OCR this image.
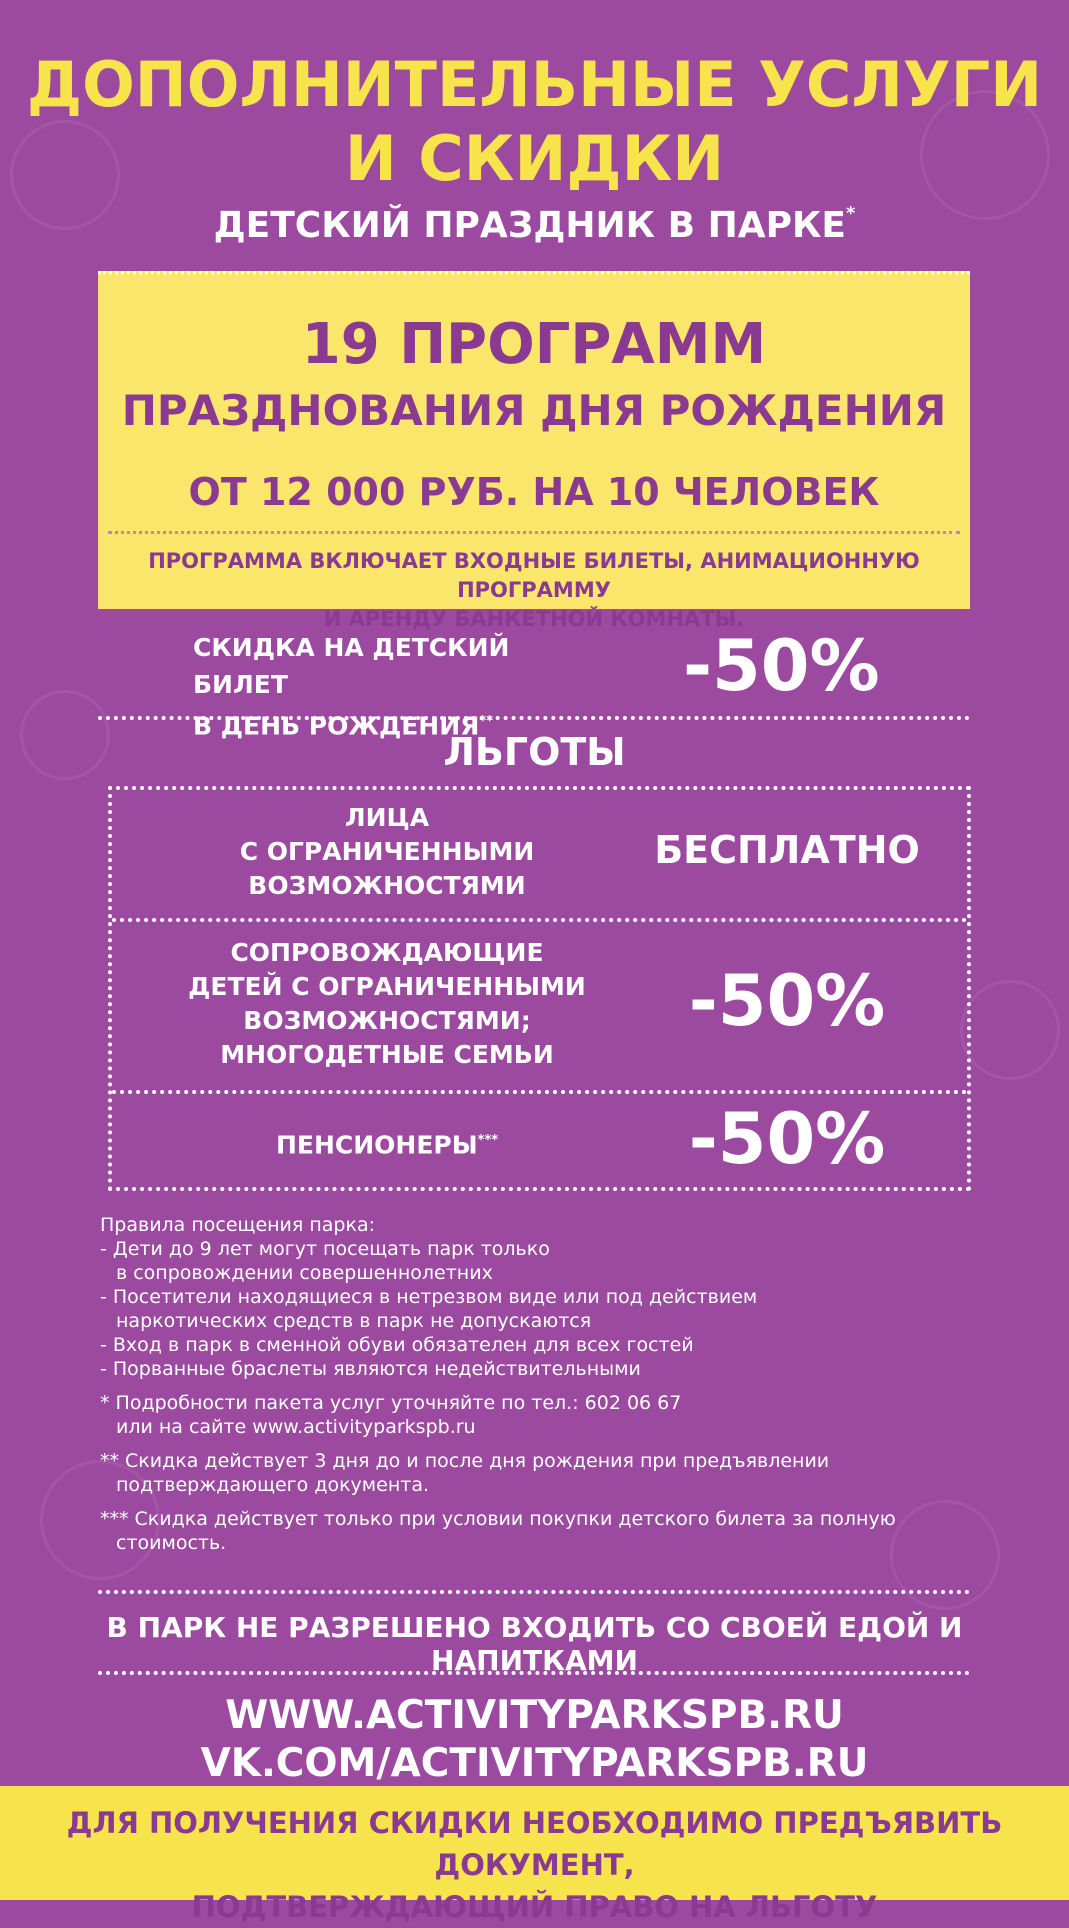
ДОПОЛНИТЕЛЬНЫЕ УСЛУГИ
И СКИДКИ
ДЕТСКИЙ ПРАЗДНИК В ПАРКЕ*
19 ПРОГРАММ
ПРАЗДНОВАНИЯ ДНЯ РОЖДЕНИЯ
ОТ 12 000 РУБ. НА 10 ЧЕЛОВЕК
ПРОГРАММА ВКЛЮЧАЕТ ВХОДНЫЕ БИЛЕТЫ, АНИМАЦИОННУЮ ПРОГРАММУ
И АРЕНДУ БАНКЕТНОЙ КОМНАТЫ.
СКИДКА НА ДЕТСКИЙ БИЛЕТ
В ДЕНЬ РОЖДЕНИЯ**
-50%
ЛЬГОТЫ
ЛИЦА
С ОГРАНИЧЕННЫМИ
ВОЗМОЖНОСТЯМИ
БЕСПЛАТНО
СОПРОВОЖДАЮЩИЕ
ДЕТЕЙ С ОГРАНИЧЕННЫМИ
ВОЗМОЖНОСТЯМИ;
МНОГОДЕТНЫЕ СЕМЬИ
-50%
ПЕНСИОНЕРЫ***	-50%

Правила посещения парка:

- Дети до 9 лет могут посещать парк только

в сопровождении совершеннолетних

- Посетители находящиеся в нетрезвом виде или под действием

наркотических средств в парк не допускаются

- Вход в парк в сменной обуви обязателен для всех гостей

- Порванные браслеты являются недействительными

* Подробности пакета услуг уточняйте по тел.: 602 06 67

или на сайте www.activityparkspb.ru

** Скидка действует 3 дня до и после дня рождения при предъявлении

подтверждающего документа.

*** Скидка действует только при условии покупки детского билета за полную

стоимость.

В ПАРК НЕ РАЗРЕШЕНО ВХОДИТЬ СО СВОЕЙ ЕДОЙ И НАПИТКАМИ
WWW.ACTIVITYPARKSPB.RU
VK.COM/ACTIVITYPARKSPB.RU
ДЛЯ ПОЛУЧЕНИЯ СКИДКИ НЕОБХОДИМО ПРЕДЪЯВИТЬ ДОКУМЕНТ,
ПОДТВЕРЖДАЮЩИЙ ПРАВО НА ЛЬГОТУ
